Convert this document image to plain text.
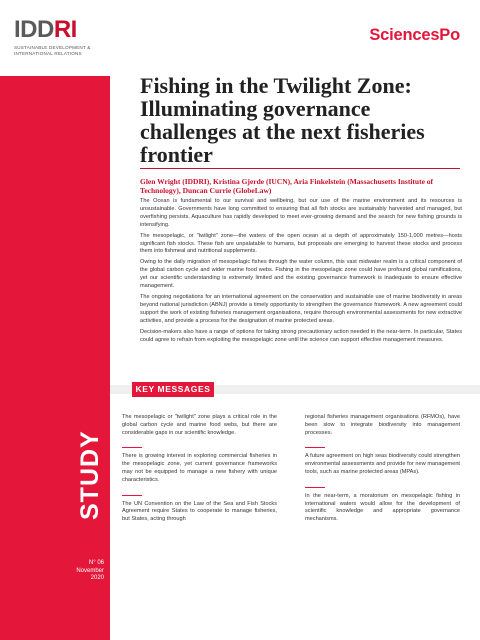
IDDRI
SUSTAINABLE DEVELOPMENT &
INTERNATIONAL RELATIONS
STUDY
N° 06
November
2020
SciencesPo
Fishing in the Twilight Zone: Illuminating governance challenges at the next fisheries frontier
Glen Wright (IDDRI), Kristina Gjerde (IUCN), Aria Finkelstein (Massachusetts Institute of Technology), Duncan Currie (GlobeLaw)

The Ocean is fundamental to our survival and wellbeing, but our use of the marine environment and its resources is unsustainable. Governments have long committed to ensuring that all fish stocks are sustainably harvested and managed, but overfishing persists. Aquaculture has rapidly developed to meet ever-growing demand and the search for new fishing grounds is intensifying.

The mesopelagic, or "twilight" zone—the waters of the open ocean at a depth of approximately 150-1,000 metres—hosts significant fish stocks. These fish are unpalatable to humans, but proposals are emerging to harvest these stocks and process them into fishmeal and nutritional supplements.

Owing to the daily migration of mesopelagic fishes through the water column, this vast midwater realm is a critical component of the global carbon cycle and wider marine food webs. Fishing in the mesopelagic zone could have profound global ramifications, yet our scientific understanding is extremely limited and the existing governance framework is inadequate to ensure effective management.

The ongoing negotiations for an international agreement on the conservation and sustainable use of marine biodiversity in areas beyond national jurisdiction (ABNJ) provide a timely opportunity to strengthen the governance framework. A new agreement could support the work of existing fisheries management organisations, require thorough environmental assessments for new extractive activities, and provide a process for the designation of marine protected areas.

Decision-makers also have a range of options for taking strong precautionary action needed in the near-term. In particular, States could agree to refrain from exploiting the mesopelagic zone until the science can support effective management measures.

KEY MESSAGES
The mesopelagic or "twilight" zone plays a critical role in the global carbon cycle and marine food webs, but there are considerable gaps in our scientific knowledge.
There is growing interest in exploring commercial fisheries in the mesopelagic zone, yet current governance frameworks may not be equipped to manage a new fishery with unique characteristics.
The UN Convention on the Law of the Sea and Fish Stocks Agreement require States to cooperate to manage fisheries, but States, acting through
regional fisheries management organisations (RFMOs), have been slow to integrate biodiversity into management processes.
A future agreement on high seas biodiversity could strengthen environmental assessments and provide for new management tools, such as marine protected areas (MPAs).
In the near-term, a moratorium on mesopelagic fishing in international waters would allow for the development of scientific knowledge and appropriate governance mechanisms.
